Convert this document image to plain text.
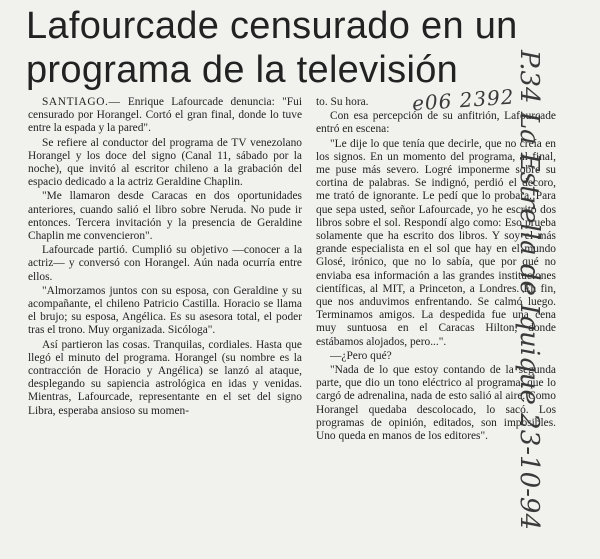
Lafourcade censurado en un
programa de la televisión

SANTIAGO.— Enrique Lafourcade denuncia: "Fui censurado por Horangel. Cortó el gran final, donde lo tuve entre la espada y la pared".

Se refiere al conductor del programa de TV venezolano Horangel y los doce del signo (Canal 11, sábado por la noche), que invitó al escritor chileno a la grabación del espacio dedicado a la actriz Geraldine Chaplin.

"Me llamaron desde Caracas en dos oportunidades anteriores, cuando salió el libro sobre Neruda. No pude ir entonces. Tercera invitación y la presencia de Geraldine Chaplin me convencieron".

Lafourcade partió. Cumplió su objetivo —conocer a la actriz— y conversó con Horangel. Aún nada ocurría entre ellos.

"Almorzamos juntos con su esposa, con Geraldine y su acompañante, el chileno Patricio Castilla. Horacio se llama el brujo; su esposa, Angélica. Es su asesora total, el poder tras el trono. Muy organizada. Sicóloga".

Así partieron las cosas. Tranquilas, cordiales. Hasta que llegó el minuto del programa. Horangel (su nombre es la contracción de Horacio y Angélica) se lanzó al ataque, desplegando su sapiencia astrológica en idas y venidas. Mientras, Lafourcade, representante en el set del signo Libra, esperaba ansioso su momen-

to. Su hora.

Con esa percepción de su anfitrión, Lafourcade entró en escena:

"Le dije lo que tenía que decirle, que no creía en los signos. En un momento del programa, al final, me puse más severo. Logré imponerme sobre su cortina de palabras. Se indignó, perdió el decoro, me trató de ignorante. Le pedí que lo probara. Para que sepa usted, señor Lafourcade, yo he escrito dos libros sobre el sol. Respondí algo como: Eso prueba solamente que ha escrito dos libros. Y soy el más grande especialista en el sol que hay en el mundo Glosé, irónico, que no lo sabía, que por qué no enviaba esa información a las grandes instituciones científicas, al MIT, a Princeton, a Londres. En fin, que nos anduvimos enfrentando. Se calmó luego. Terminamos amigos. La despedida fue una cena muy suntuosa en el Caracas Hilton, donde estábamos alojados, pero...".

—¿Pero qué?

"Nada de lo que estoy contando de la segunda parte, que dio un tono eléctrico al programa, que lo cargó de adrenalina, nada de esto salió al aire. Como Horangel quedaba descolocado, lo sacó. Los programas de opinión, editados, son imposibles. Uno queda en manos de los editores".

e06 2392
P.34 La Estrella de Iquique 23-10-94
